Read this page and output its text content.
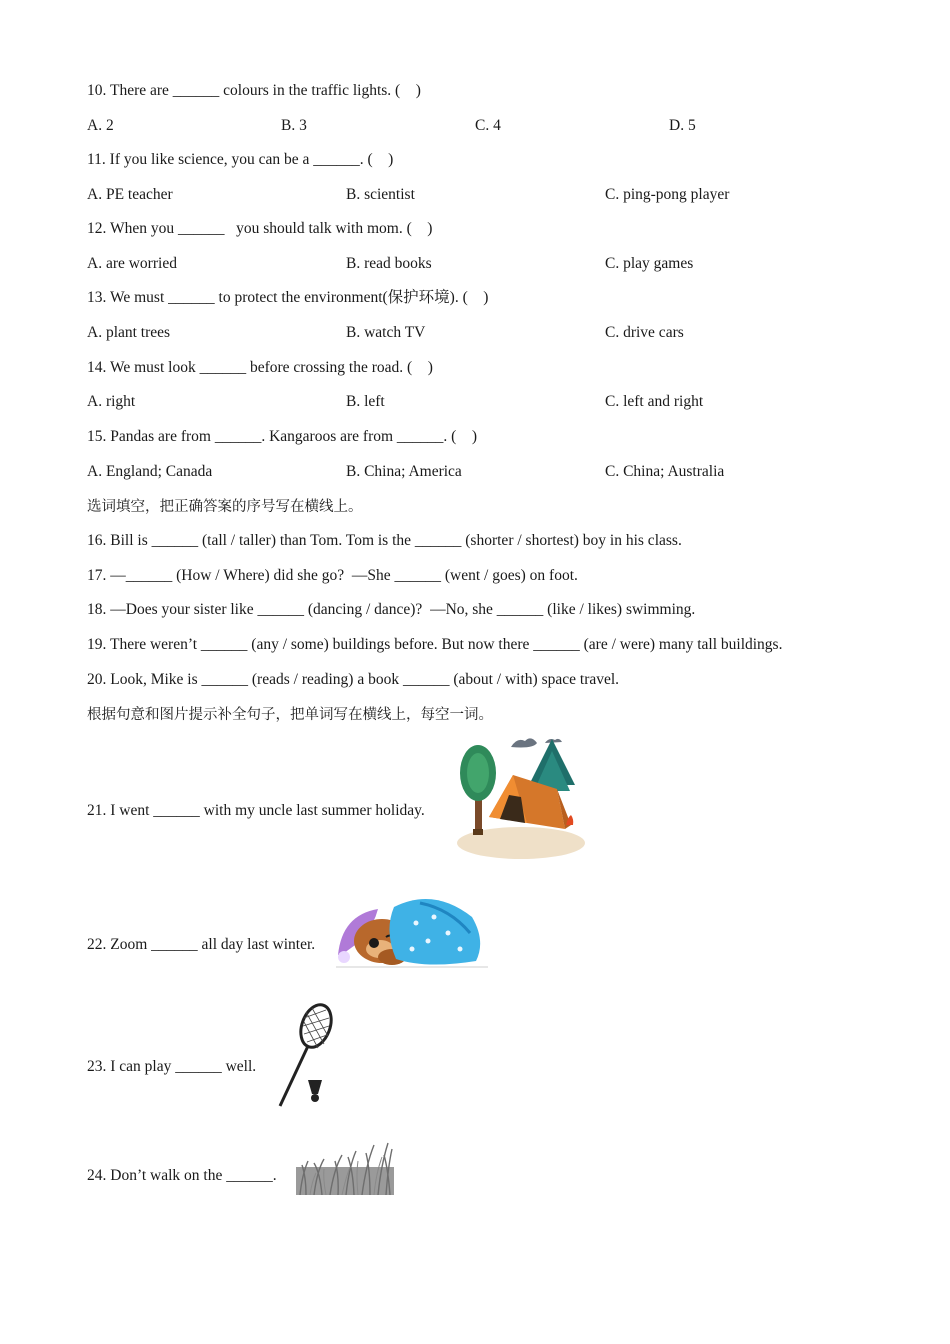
10. There are ______ colours in the traffic lights. (    )
A. 2	B. 3	C. 4	D. 5
11. If you like science, you can be a ______. (    )
A. PE teacher	B. scientist	C. ping-pong player
12. When you ______   you should talk with mom. (    )
A. are worried	B. read books	C. play games
13. We must ______ to protect the environment(保护环境). (    )
A. plant trees	B. watch TV	C. drive cars
14. We must look ______ before crossing the road. (    )
A. right	B. left	C. left and right
15. Pandas are from ______. Kangaroos are from ______. (    )
A. England; Canada	B. China; America	C. China; Australia
选词填空，把正确答案的序号写在横线上。
16. Bill is ______ (tall / taller) than Tom. Tom is the ______ (shorter / shortest) boy in his class.
17. —______ (How / Where) did she go?  —She ______ (went / goes) on foot.
18. —Does your sister like ______ (dancing / dance)?  —No, she ______ (like / likes) swimming.
19. There weren’t ______ (any / some) buildings before. But now there ______ (are / were) many tall buildings.
20. Look, Mike is ______ (reads / reading) a book ______ (about / with) space travel.
根据句意和图片提示补全句子，把单词写在横线上，每空一词。
21. I went ______ with my uncle last summer holiday.
22. Zoom ______ all day last winter.
23. I can play ______ well.
24. Don’t walk on the ______.
